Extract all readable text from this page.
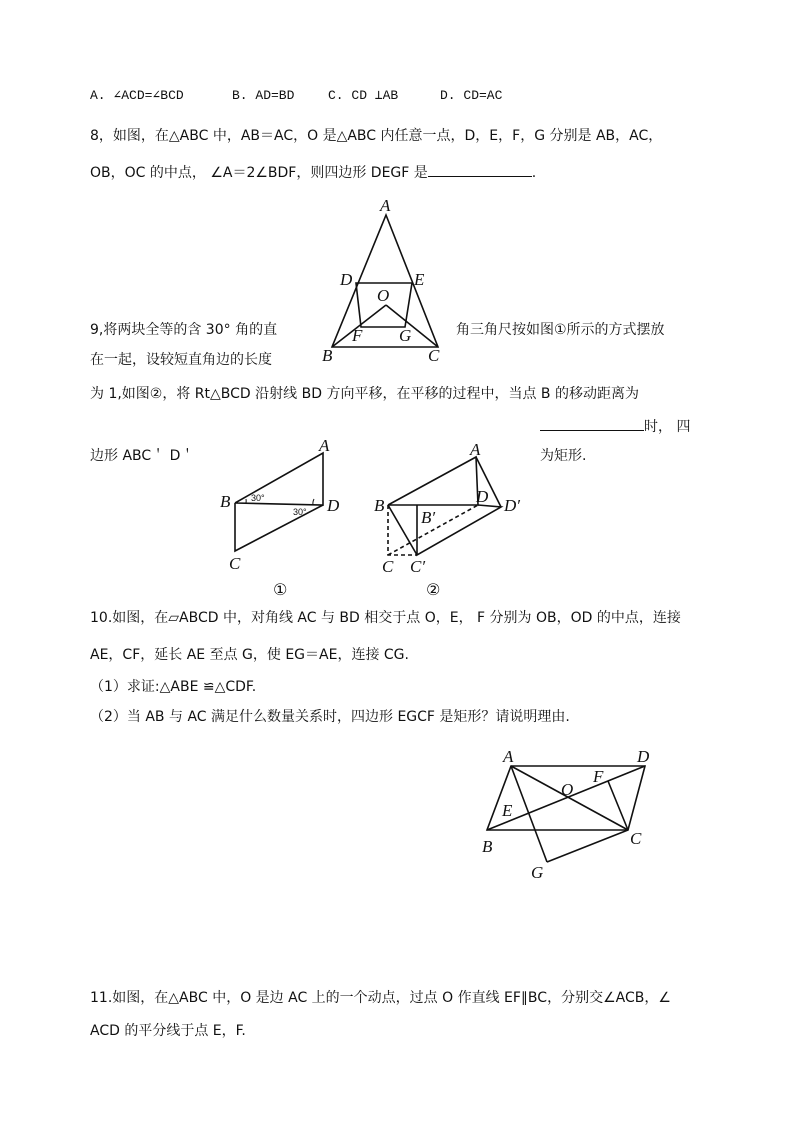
A. ∠ACD=∠BCD	B. AD=BD	C. CD ⊥AB	D. CD=AC
8，如图，在△ABC 中，AB＝AC，O 是△ABC 内任意一点，D，E，F，G 分别是 AB，AC，
OB，OC 的中点， ∠A＝2∠BDF，则四边形 DEGF 是	.
A
D	E
O
F G
B	C
9,将两块全等的含 30° 角的直	角三角尺按如图①所示的方式摆放
在一起，设较短直角边的长度
为 1,如图②，将 Rt△BCD 沿射线 BD 方向平移，在平移的过程中，当点 B 的移动距离为
时， 四
边形 ABC＇ D＇	为矩形.
30°
30°
A
B	D
C
①
A
B	D D′
B′
C C′
②
10.如图，在▱ABCD 中，对角线 AC 与 BD 相交于点 O，E， F 分别为 OB，OD 的中点，连接
AE，CF，延长 AE 至点 G，使 EG＝AE，连接 CG.
（1）求证:△ABE ≌△CDF.
（2）当 AB 与 AC 满足什么数量关系时，四边形 EGCF 是矩形？请说明理由.
A	D
F
O
E
B	C
G
11.如图，在△ABC 中，O 是边 AC 上的一个动点，过点 O 作直线 EF∥BC，分别交∠ACB，∠
ACD 的平分线于点 E，F.
